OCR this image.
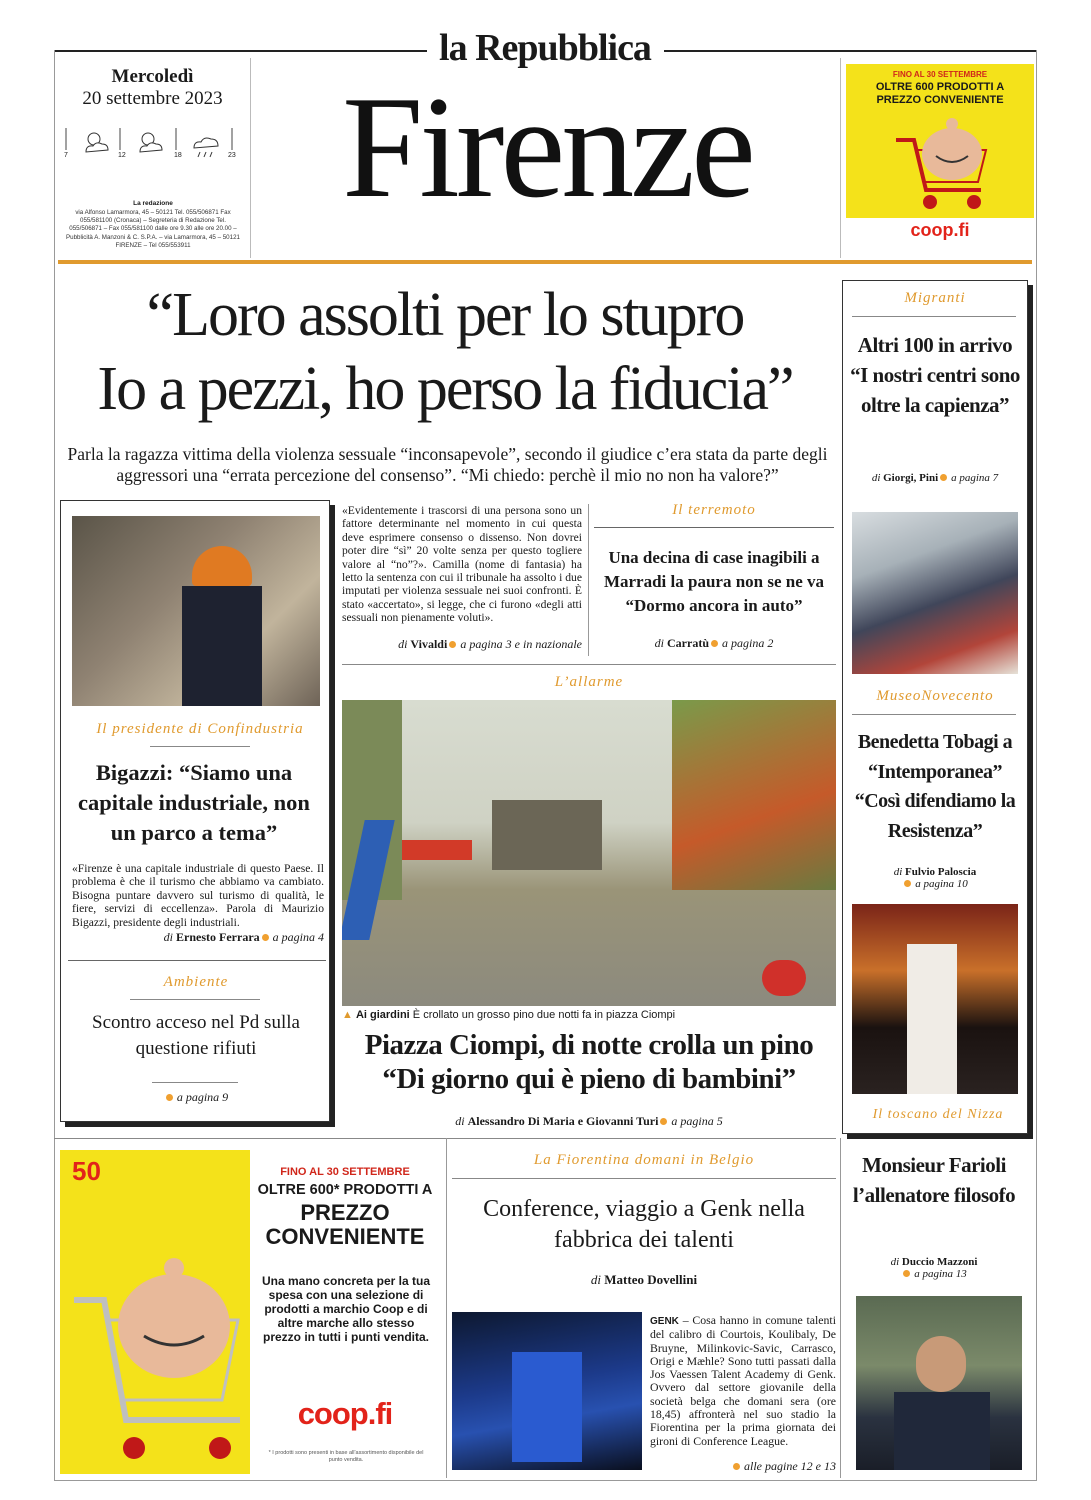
la Repubblica
Mercoledì
20 settembre 2023
7	12	18	23
La redazione
via Alfonso Lamarmora, 45 – 50121 Tel. 055/506871 Fax 055/581100 (Cronaca) – Segreteria di Redazione Tel. 055/506871 – Fax 055/581100 dalle ore 9.30 alle ore 20.00 – Pubblicità A. Manzoni & C. S.P.A. – via Lamarmora, 45 – 50121 FIRENZE – Tel 055/553911
Firenze	FINO AL 30 SETTEMBRE
OLTRE 600 PRODOTTI A
PREZZO CONVENIENTE
coop.fi
“Loro assolti per lo stupro
Io a pezzi, ho perso la fiducia”
Parla la ragazza vittima della violenza sessuale “inconsapevole”, secondo il giudice c’era stata da parte degli aggressori una “errata percezione del consenso”. “Mi chiedo: perchè il mio no non ha valore?”
Il presidente di Confindustria
Bigazzi: “Siamo una capitale industriale, non un parco a tema”
«Firenze è una capitale industriale di questo Paese. Il problema è che il turismo che abbiamo va cambiato. Bisogna puntare davvero sul turismo di qualità, le fiere, servizi di eccellenza». Parola di Maurizio Bigazzi, presidente degli industriali.
di Ernesto Ferrara a pagina 4
Ambiente
Scontro acceso nel Pd sulla questione rifiuti
a pagina 9
«Evidentemente i trascorsi di una persona sono un fattore determinante nel momento in cui questa deve esprimere consenso o dissenso. Non dovrei poter dire “sì” 20 volte senza per questo togliere valore al “no”?». Camilla (nome di fantasia) ha letto la sentenza con cui il tribunale ha assolto i due imputati per violenza sessuale nei suoi confronti. È stato «accertato», si legge, che ci furono «degli atti sessuali non pienamente voluti».
di Vivaldi a pagina 3 e in nazionale
Il terremoto
Una decina di case inagibili a Marradi la paura non se ne va “Dormo ancora in auto”
di Carratù a pagina 2
L’allarme
▲ Ai giardini È crollato un grosso pino due notti fa in piazza Ciompi
Piazza Ciompi, di notte crolla un pino
“Di giorno qui è pieno di bambini”
di Alessandro Di Maria e Giovanni Turi a pagina 5
Migranti
Altri 100 in arrivo “I nostri centri sono oltre la capienza”
di Giorgi, Pini a pagina 7
MuseoNovecento
Benedetta Tobagi a “Intemporanea” “Così difendiamo la Resistenza”
di Fulvio Paloscia
a pagina 10
Il toscano del Nizza
50	FINO AL 30 SETTEMBRE
OLTRE 600* PRODOTTI A
PREZZO
CONVENIENTE
Una mano concreta per la tua spesa con una selezione di prodotti a marchio Coop e di altre marche allo stesso prezzo in tutti i punti vendita.
coop.fi
* I prodotti sono presenti in base all'assortimento disponibile del punto vendita.
La Fiorentina domani in Belgio
Conference, viaggio a Genk nella fabbrica dei talenti
di Matteo Dovellini
GENK – Cosa hanno in comune talenti del calibro di Courtois, Koulibaly, De Bruyne, Milinkovic-Savic, Carrasco, Origi e Mæhle? Sono tutti passati dalla Jos Vaessen Talent Academy di Genk. Ovvero dal settore giovanile della società belga che domani sera (ore 18,45) affronterà nel suo stadio la Fiorentina per la prima giornata dei gironi di Conference League.
alle pagine 12 e 13
Monsieur Farioli l’allenatore filosofo
di Duccio Mazzoni
a pagina 13
